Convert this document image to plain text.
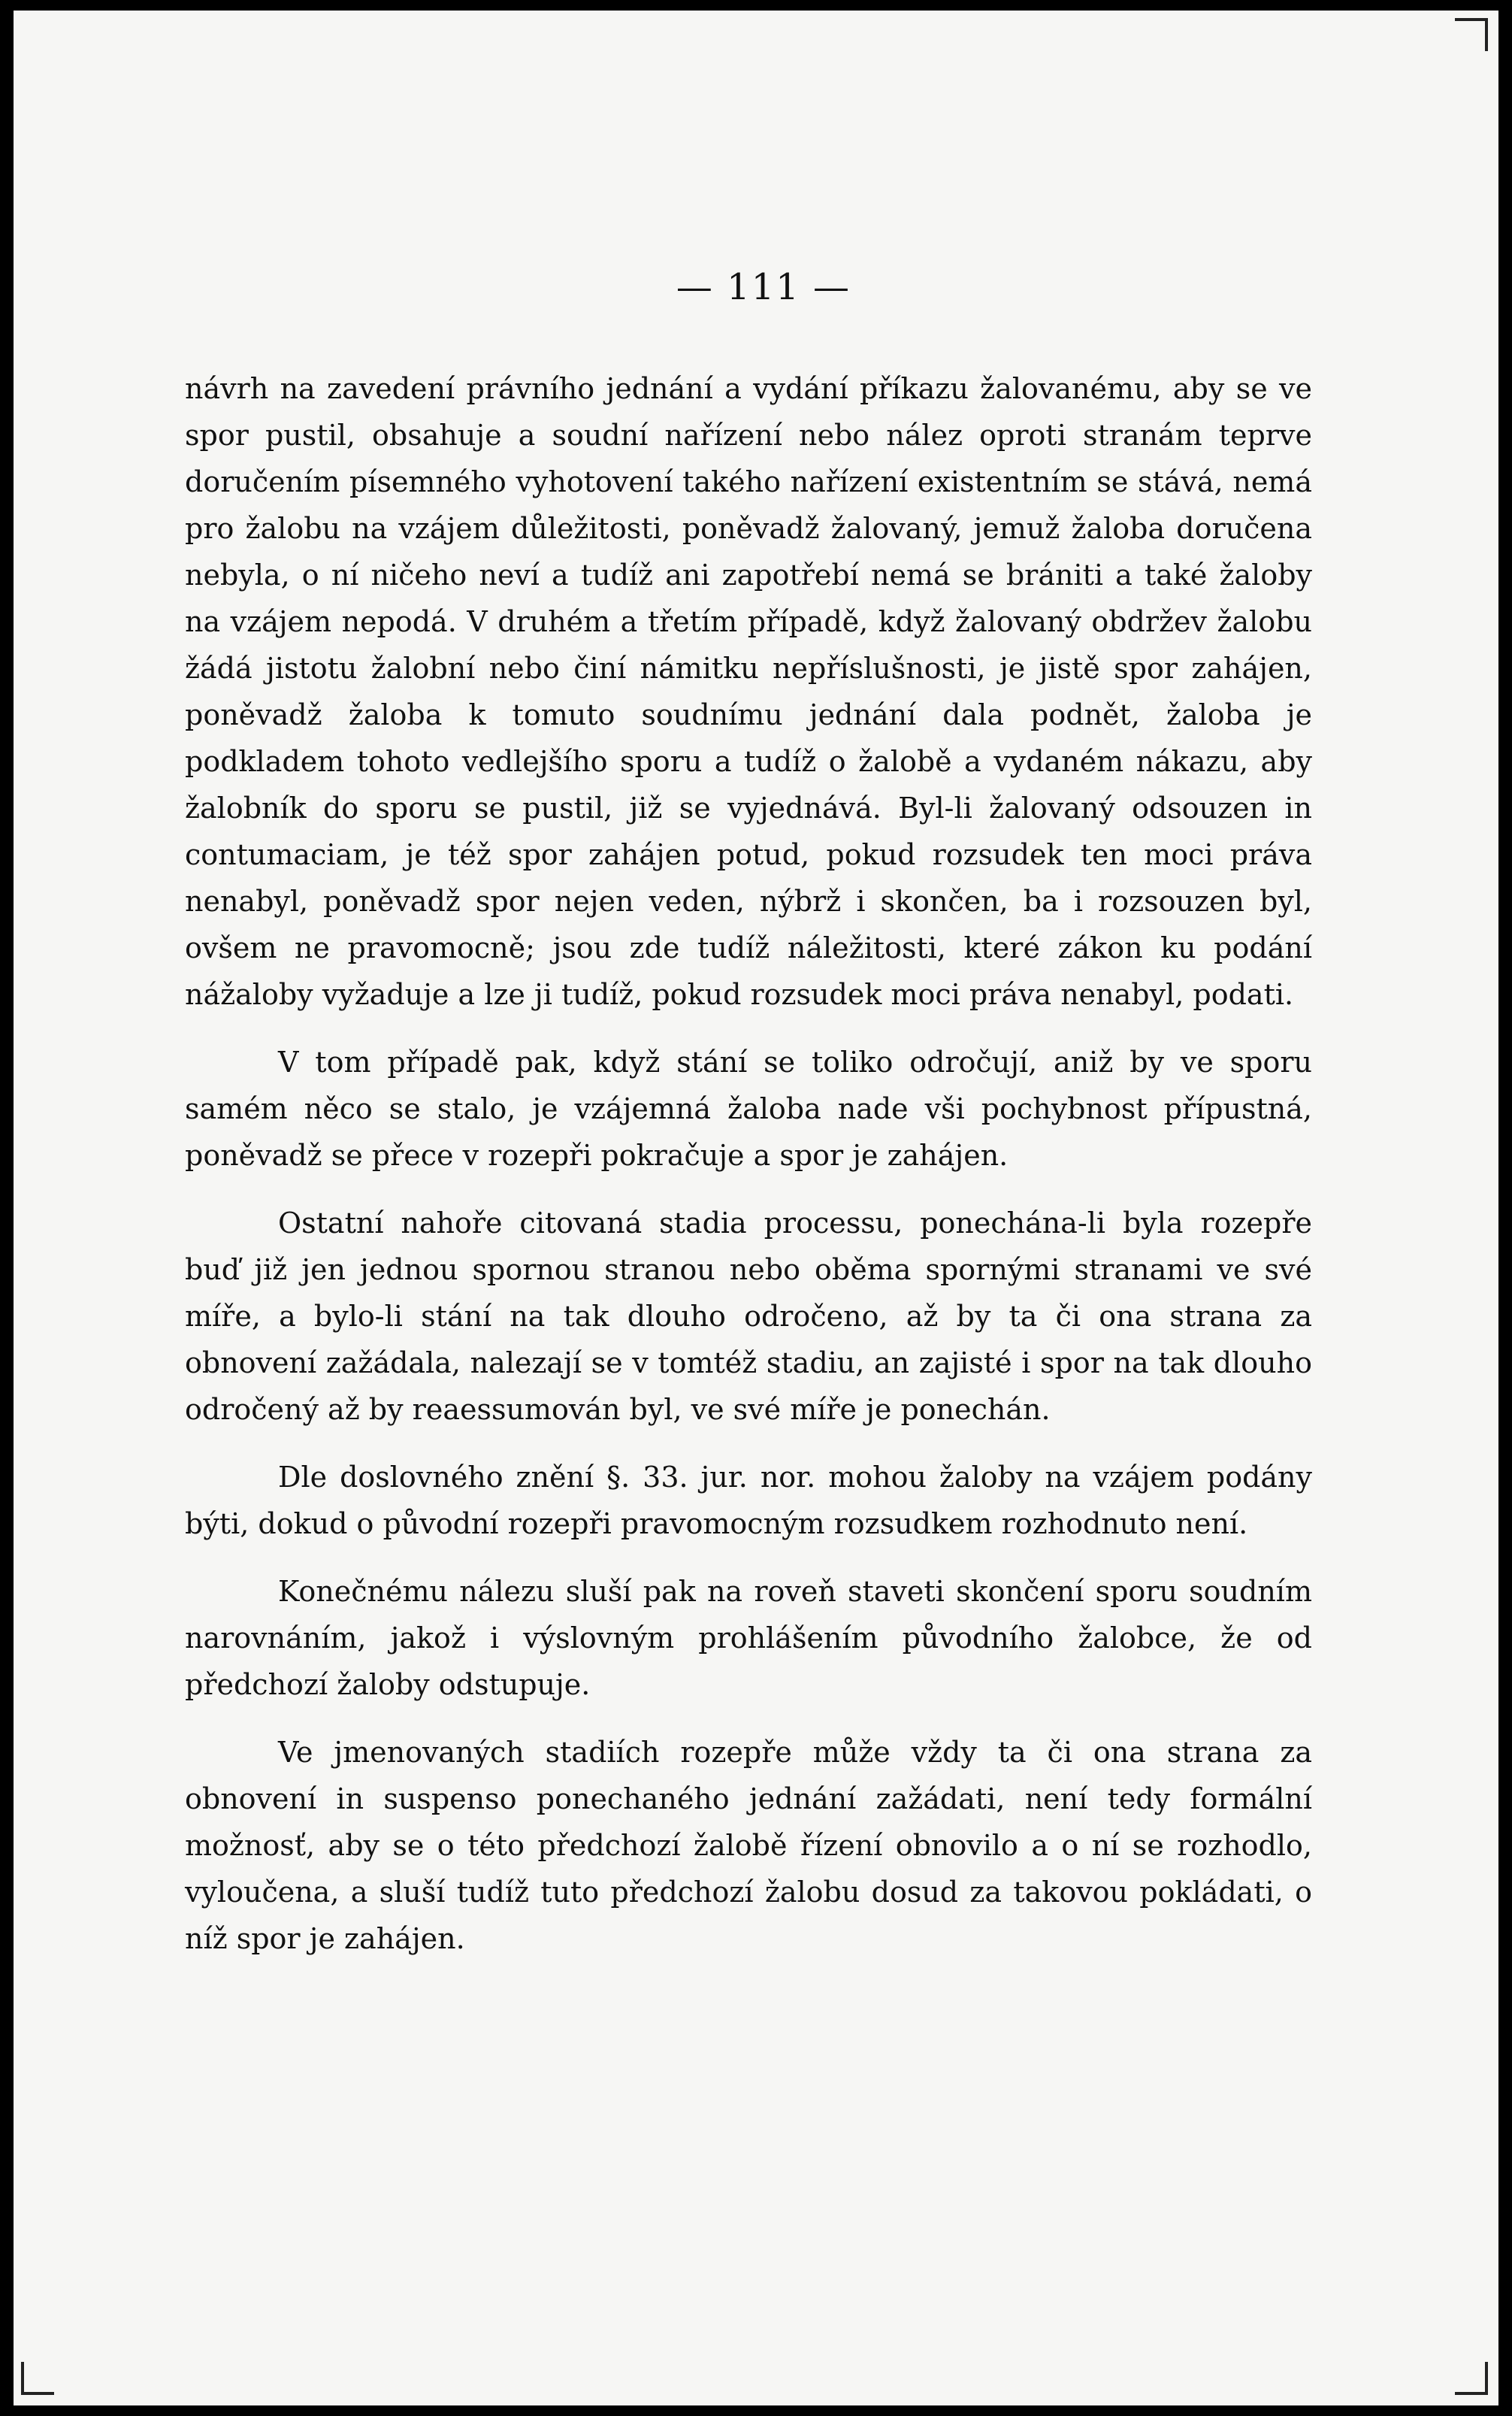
— 111 —

návrh na zavedení právního jednání a vydání příkazu žalovanému, aby se ve spor pustil, obsahuje a soudní nařízení nebo nález oproti stranám teprve doručením písemného vyhotovení takého nařízení existentním se stává, nemá pro žalobu na vzájem důležitosti, poněvadž žalovaný, jemuž žaloba doručena nebyla, o ní ničeho neví a tudíž ani zapotřebí nemá se brániti a také žaloby na vzájem nepodá. V druhém a třetím případě, když žalovaný obdržev žalobu žádá jistotu žalobní nebo činí námitku nepříslušnosti, je jistě spor zahájen, poněvadž žaloba k tomuto soudnímu jednání dala podnět, žaloba je podkladem tohoto vedlejšího sporu a tudíž o žalobě a vydaném nákazu, aby žalobník do sporu se pustil, již se vyjednává. Byl-li žalovaný odsouzen in contumaciam, je též spor zahájen potud, pokud rozsudek ten moci práva nenabyl, poněvadž spor nejen veden, nýbrž i skončen, ba i rozsouzen byl, ovšem ne pravomocně; jsou zde tudíž náležitosti, které zákon ku podání nážaloby vyžaduje a lze ji tudíž, pokud rozsudek moci práva nenabyl, podati.

V tom případě pak, když stání se toliko odročují, aniž by ve sporu samém něco se stalo, je vzájemná žaloba nade vši pochybnost přípustná, poněvadž se přece v rozepři pokračuje a spor je zahájen.

Ostatní nahoře citovaná stadia processu, ponechána-li byla rozepře buď již jen jednou spornou stranou nebo oběma spornými stranami ve své míře, a bylo-li stání na tak dlouho odročeno, až by ta či ona strana za obnovení zažádala, nalezají se v tomtéž stadiu, an zajisté i spor na tak dlouho odročený až by reaessumován byl, ve své míře je ponechán.

Dle doslovného znění §. 33. jur. nor. mohou žaloby na vzájem podány býti, dokud o původní rozepři pravomocným rozsudkem rozhodnuto není.

Konečnému nálezu sluší pak na roveň staveti skončení sporu soudním narovnáním, jakož i výslovným prohlášením původního žalobce, že od předchozí žaloby odstupuje.

Ve jmenovaných stadiích rozepře může vždy ta či ona strana za obnovení in suspenso ponechaného jednání zažádati, není tedy formální možnosť, aby se o této předchozí žalobě řízení obnovilo a o ní se rozhodlo, vyloučena, a sluší tudíž tuto předchozí žalobu dosud za takovou pokládati, o níž spor je zahájen.
